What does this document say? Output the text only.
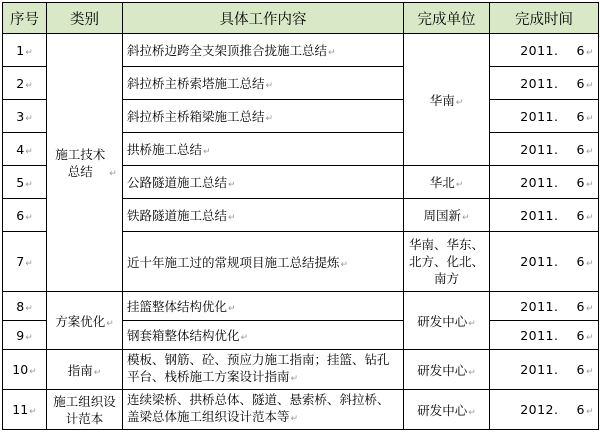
序号	类别	具体工作内容	完成单位	完成时间
1↵	施工技术总结 ↵	斜拉桥边跨全支架顶推合拢施工总结↵	华南↵	2011. 6↵
2↵		斜拉桥主桥索塔施工总结↵		2011. 6↵
3↵		斜拉桥主桥箱梁施工总结↵		2011. 6↵
4↵		拱桥施工总结↵		2011. 6↵
5↵		公路隧道施工总结↵	华北↵	2011. 6↵
6↵		铁路隧道施工总结↵	周国新↵	2011. 6↵
7↵		近十年施工过的常规项目施工总结提炼↵	华南、华东、北方、化北、南方	2011. 6↵
8↵	方案优化↵	挂篮整体结构优化↵	研发中心↵	2011. 6↵
9↵		钢套箱整体结构优化↵		2011. 6↵
10↵	指南↵	模板、钢筋、砼、预应力施工指南；挂篮、钻孔平台、栈桥施工方案设计指南↵	研发中心↵	2011. 6↵
11↵	施工组织设计范本	连续梁桥、拱桥总体、隧道、悬索桥、斜拉桥、盖梁总体施工组织设计范本等↵	研发中心↵	2012. 6↵
